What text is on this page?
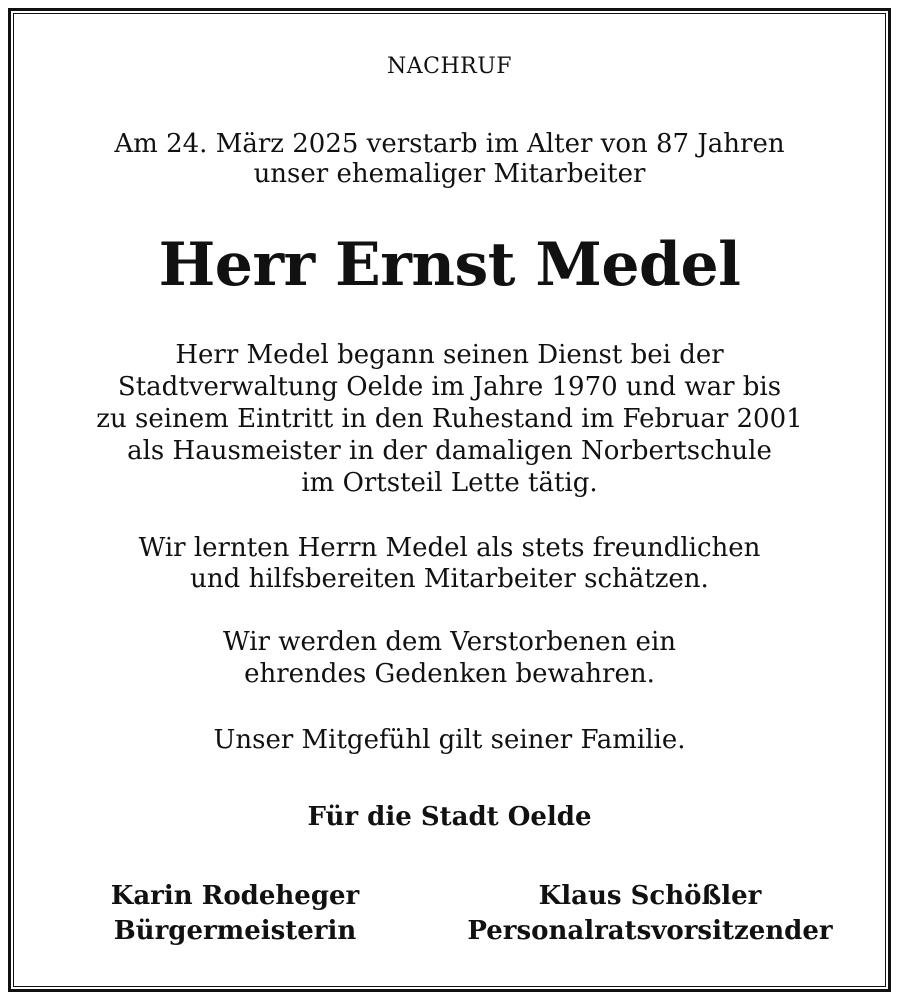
NACHRUF
Am 24. März 2025 verstarb im Alter von 87 Jahren
unser ehemaliger Mitarbeiter
Herr Ernst Medel
Herr Medel begann seinen Dienst bei der
Stadtverwaltung Oelde im Jahre 1970 und war bis
zu seinem Eintritt in den Ruhestand im Februar 2001
als Hausmeister in der damaligen Norbertschule
im Ortsteil Lette tätig.
Wir lernten Herrn Medel als stets freundlichen
und hilfsbereiten Mitarbeiter schätzen.
Wir werden dem Verstorbenen ein
ehrendes Gedenken bewahren.
Unser Mitgefühl gilt seiner Familie.
Für die Stadt Oelde
Karin Rodeheger
Bürgermeisterin
Klaus Schößler
Personalratsvorsitzender
